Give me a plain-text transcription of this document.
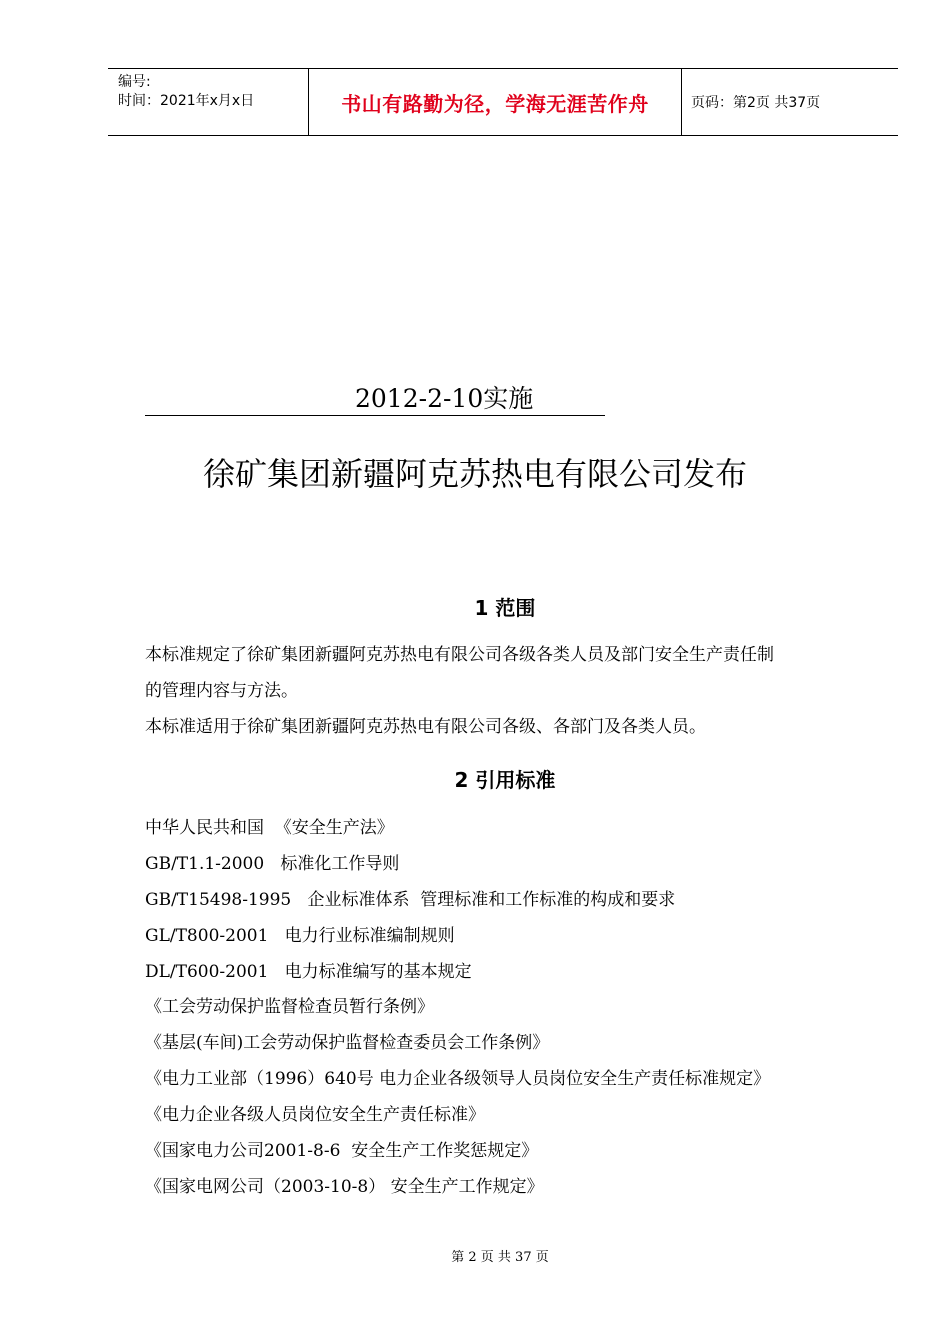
编号:
时间：2021年x月x日	书山有路勤为径，学海无涯苦作舟	页码：第2页 共37页
2012-2-10实施
徐矿集团新疆阿克苏热电有限公司发布
1 范围
本标准规定了徐矿集团新疆阿克苏热电有限公司各级各类人员及部门安全生产责任制
的管理内容与方法。
本标准适用于徐矿集团新疆阿克苏热电有限公司各级、各部门及各类人员。
2 引用标准
中华人民共和国  《安全生产法》
GB/T1.1-2000   标准化工作导则
GB/T15498-1995   企业标准体系  管理标准和工作标准的构成和要求
GL/T800-2001   电力行业标准编制规则
DL/T600-2001   电力标准编写的基本规定
《工会劳动保护监督检查员暂行条例》
《基层(车间)工会劳动保护监督检查委员会工作条例》
《电力工业部（1996）640号 电力企业各级领导人员岗位安全生产责任标准规定》
《电力企业各级人员岗位安全生产责任标准》
《国家电力公司2001-8-6  安全生产工作奖惩规定》
《国家电网公司（2003-10-8） 安全生产工作规定》
第 2 页 共 37 页
